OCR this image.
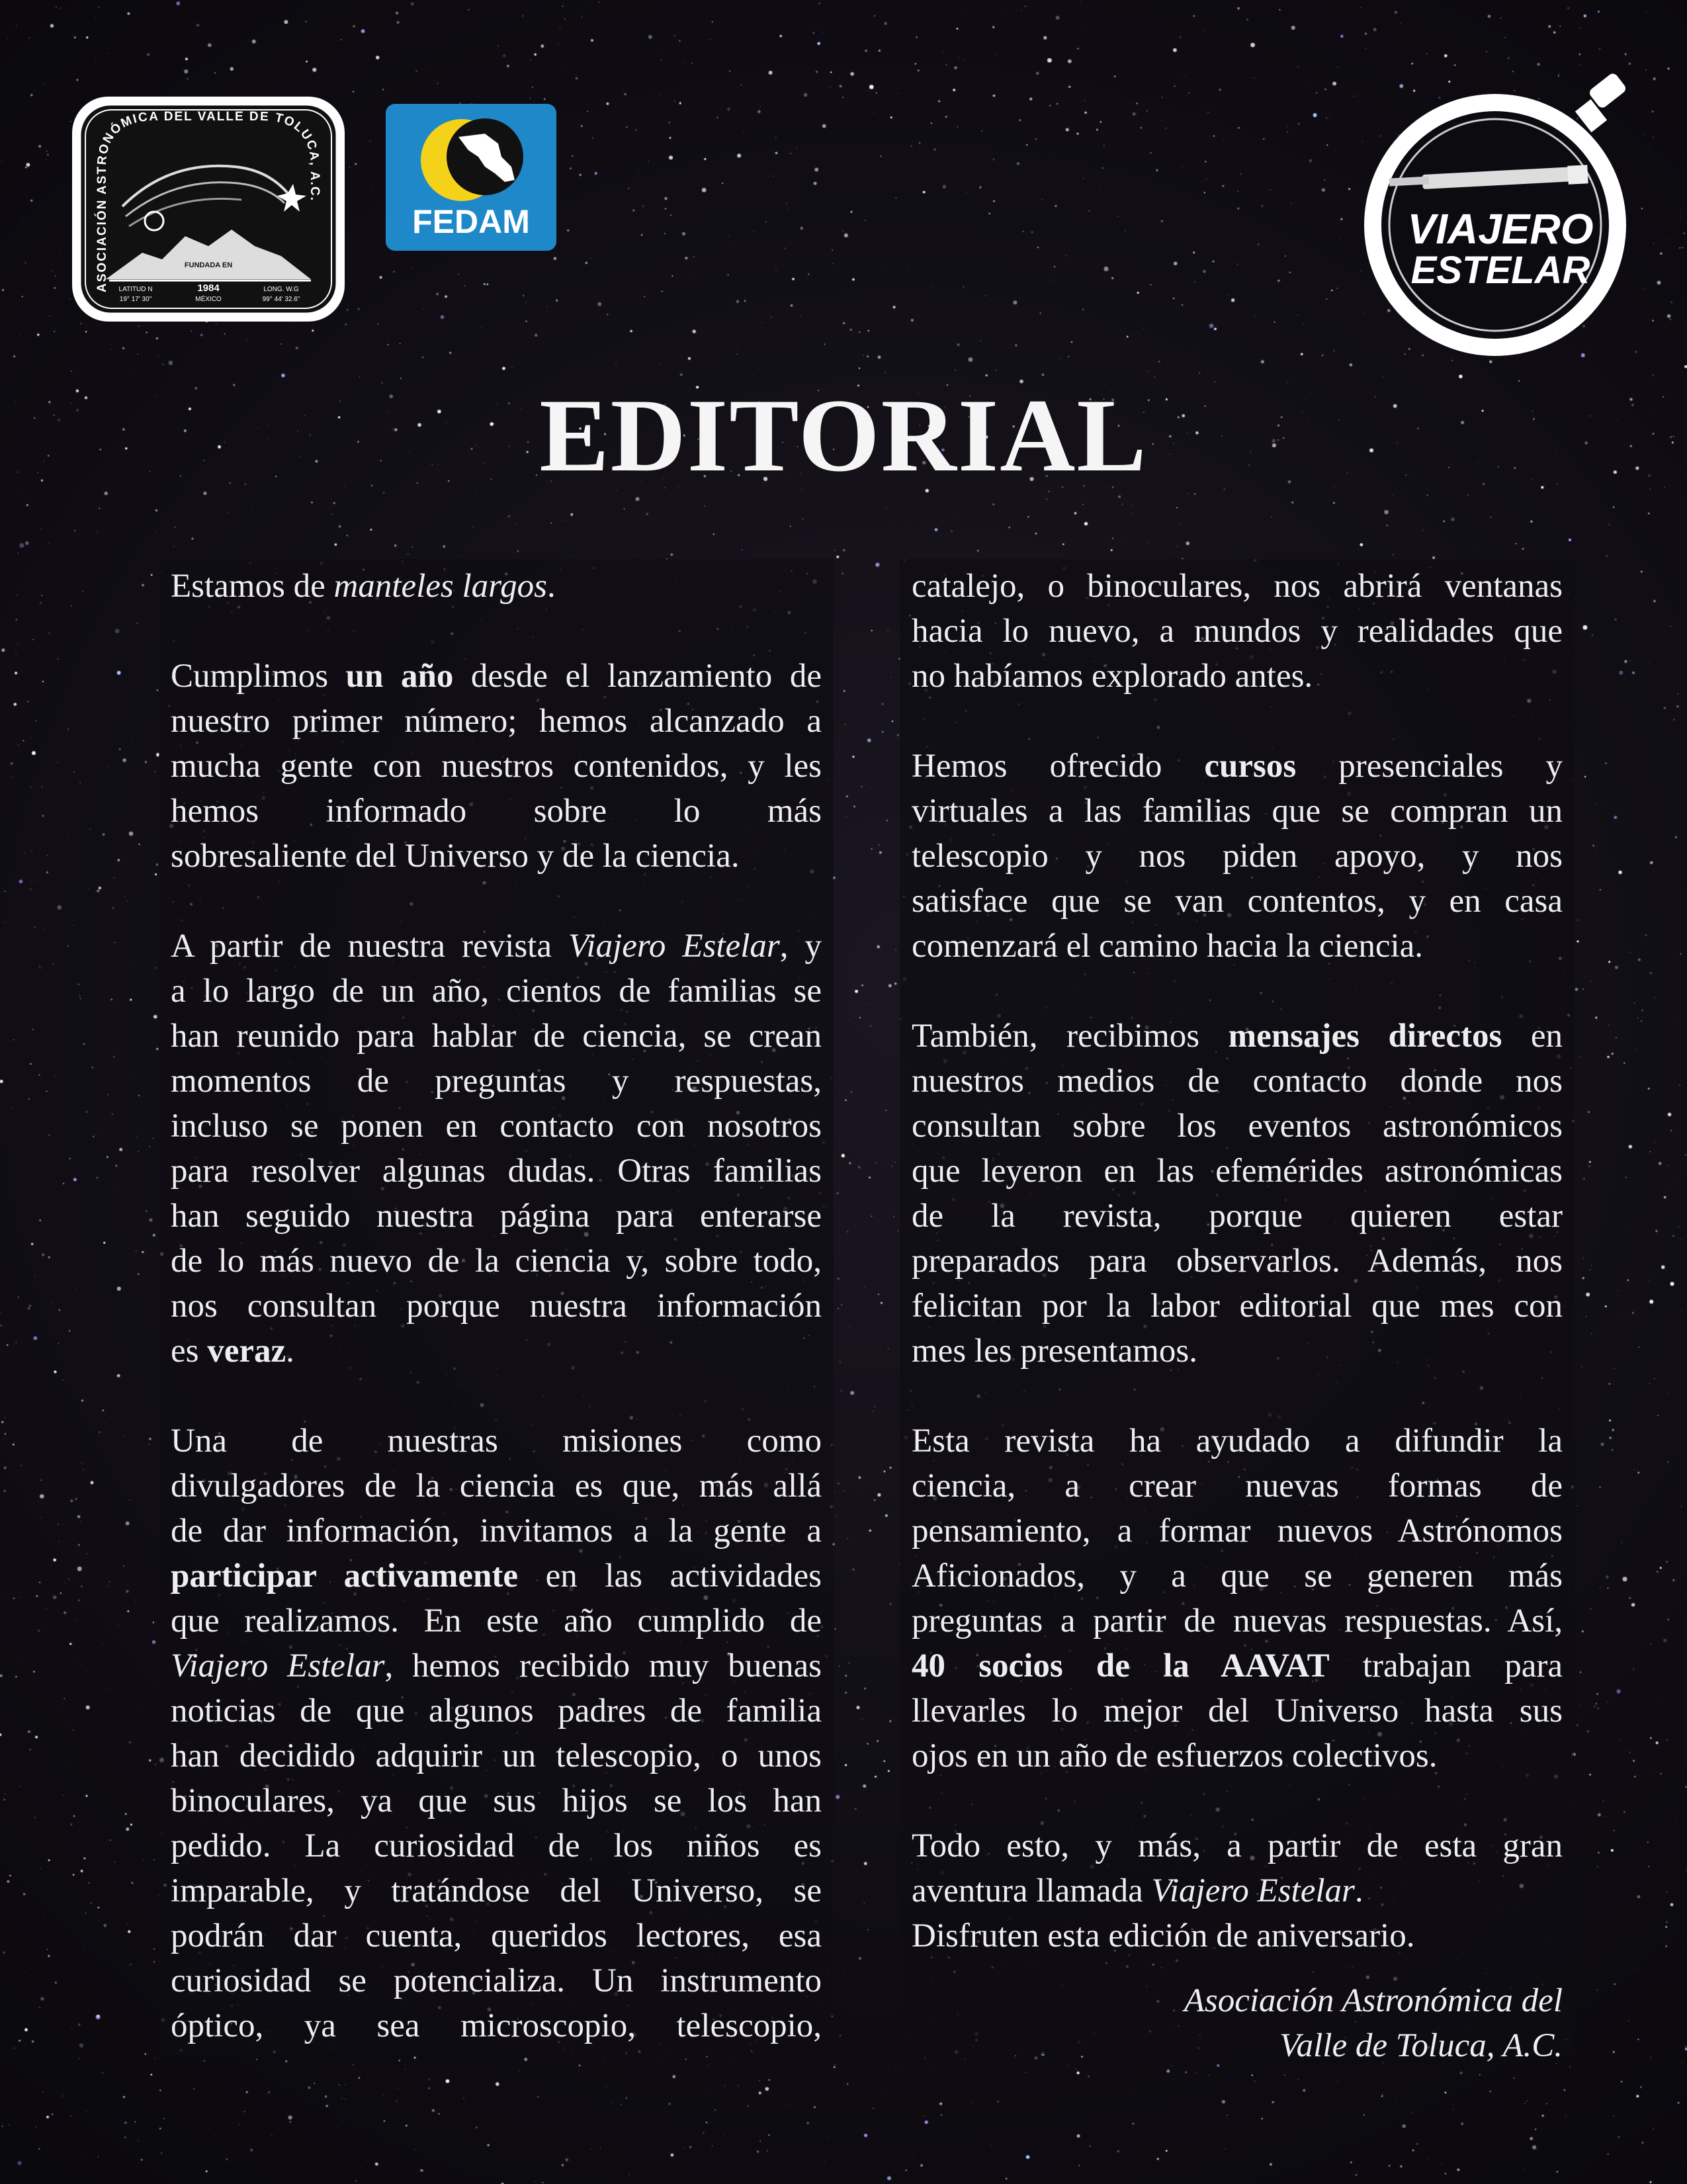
ASOCIACIÓN ASTRONÓMICA DEL VALLE DE TOLUCA, A.C.
FUNDADA EN
1984
MÉXICO
LATITUD N
19° 17' 30"
LONG. W.G
99° 44' 32.6"
FEDAM	VIAJERO
ESTELAR
EDITORIAL

Estamos de manteles largos.

Cumplimos un año desde el lanzamiento de
nuestro primer número; hemos alcanzado a
mucha gente con nuestros contenidos, y les
hemos informado sobre lo más
sobresaliente del Universo y de la ciencia.

A partir de nuestra revista Viajero Estelar, y
a lo largo de un año, cientos de familias se
han reunido para hablar de ciencia, se crean
momentos de preguntas y respuestas,
incluso se ponen en contacto con nosotros
para resolver algunas dudas. Otras familias
han seguido nuestra página para enterarse
de lo más nuevo de la ciencia y, sobre todo,
nos consultan porque nuestra información
es veraz.

Una de nuestras misiones como
divulgadores de la ciencia es que, más allá
de dar información, invitamos a la gente a
participar activamente en las actividades
que realizamos. En este año cumplido de
Viajero Estelar, hemos recibido muy buenas
noticias de que algunos padres de familia
han decidido adquirir un telescopio, o unos
binoculares, ya que sus hijos se los han
pedido. La curiosidad de los niños es
imparable, y tratándose del Universo, se
podrán dar cuenta, queridos lectores, esa
curiosidad se potencializa. Un instrumento
óptico, ya sea microscopio, telescopio,

catalejo, o binoculares, nos abrirá ventanas
hacia lo nuevo, a mundos y realidades que
no habíamos explorado antes.

Hemos ofrecido cursos presenciales y
virtuales a las familias que se compran un
telescopio y nos piden apoyo, y nos
satisface que se van contentos, y en casa
comenzará el camino hacia la ciencia.

También, recibimos mensajes directos en
nuestros medios de contacto donde nos
consultan sobre los eventos astronómicos
que leyeron en las efemérides astronómicas
de la revista, porque quieren estar
preparados para observarlos. Además, nos
felicitan por la labor editorial que mes con
mes les presentamos.

Esta revista ha ayudado a difundir la
ciencia, a crear nuevas formas de
pensamiento, a formar nuevos Astrónomos
Aficionados, y a que se generen más
preguntas a partir de nuevas respuestas. Así,
40 socios de la AAVAT trabajan para
llevarles lo mejor del Universo hasta sus
ojos en un año de esfuerzos colectivos.

Todo esto, y más, a partir de esta gran
aventura llamada Viajero Estelar.
Disfruten esta edición de aniversario.

Asociación Astronómica del
Valle de Toluca, A.C.
